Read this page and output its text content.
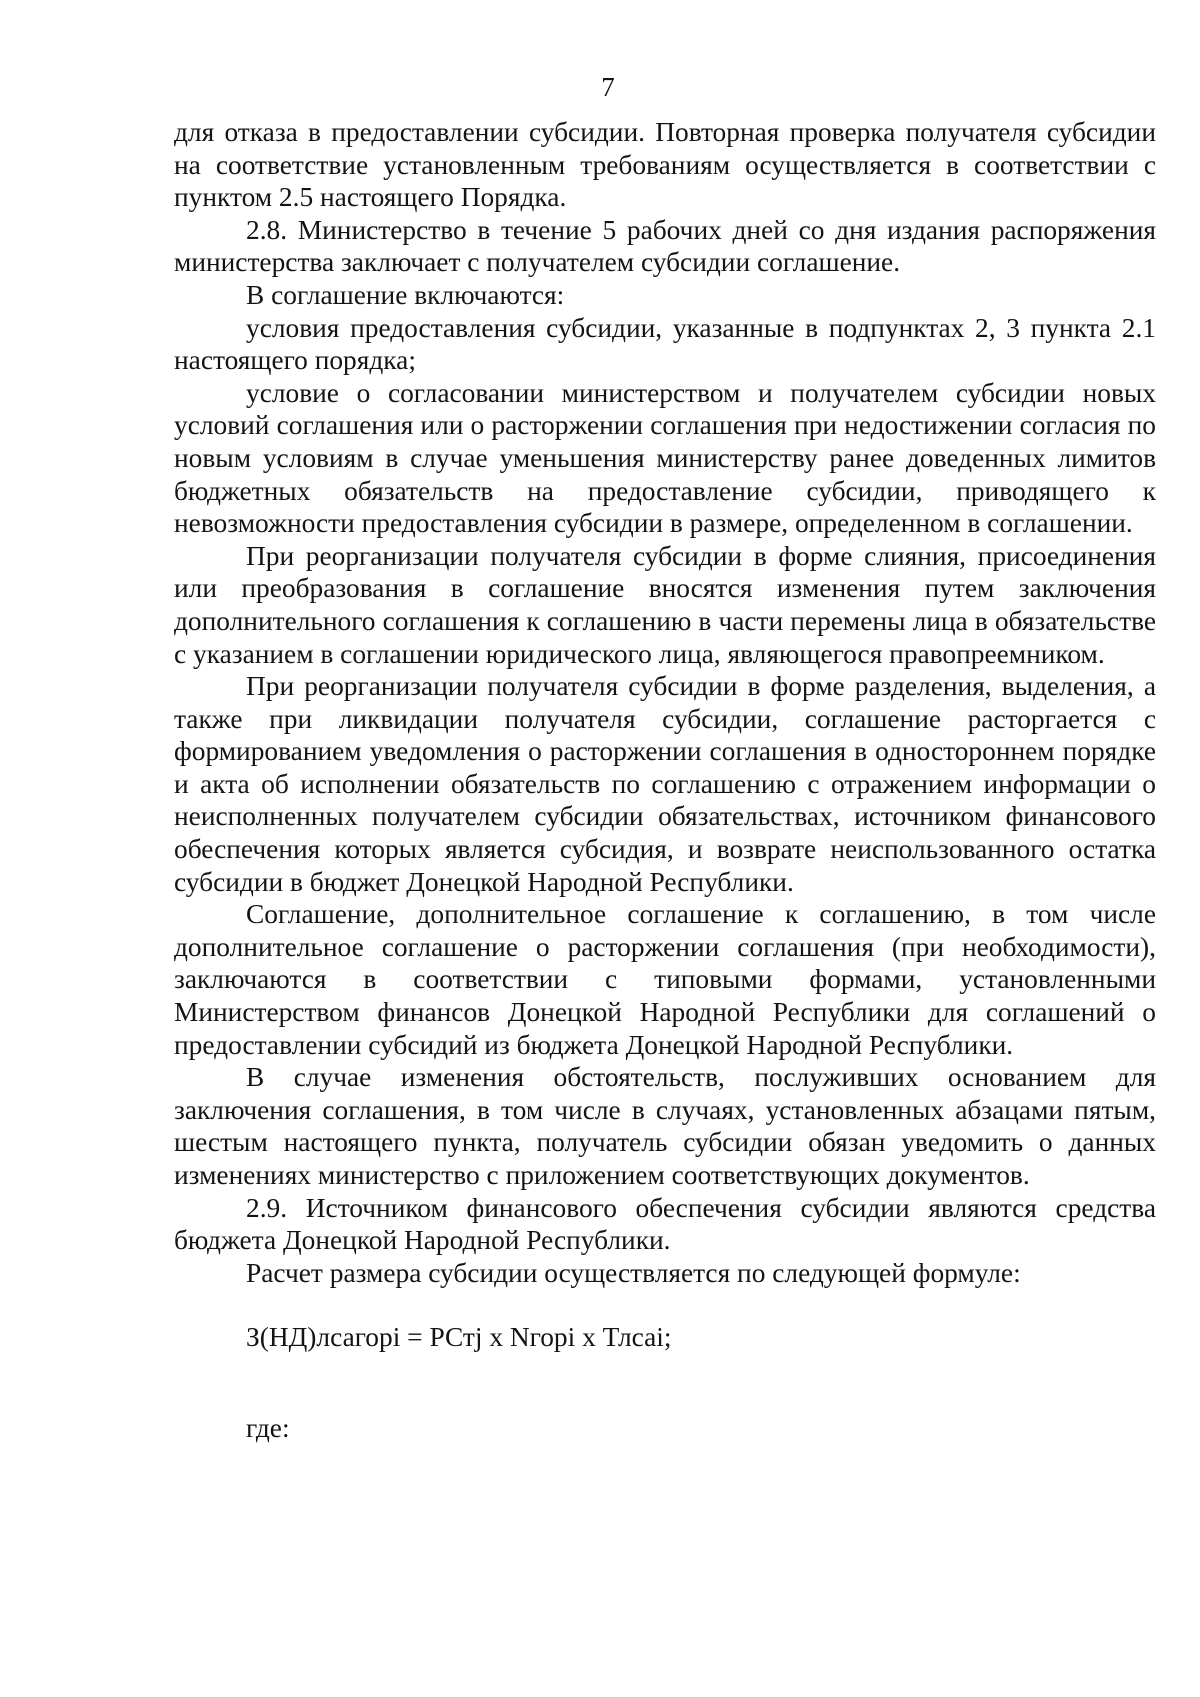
7

для отказа в предоставлении субсидии. Повторная проверка получателя субсидии на соответствие установленным требованиям осуществляется в соответствии с пунктом 2.5 настоящего Порядка.

2.8. Министерство в течение 5 рабочих дней со дня издания распоряжения министерства заключает с получателем субсидии соглашение.

В соглашение включаются:

условия предоставления субсидии, указанные в подпунктах 2, 3 пункта 2.1 настоящего порядка;

условие о согласовании министерством и получателем субсидии новых условий соглашения или о расторжении соглашения при недостижении согласия по новым условиям в случае уменьшения министерству ранее доведенных лимитов бюджетных обязательств на предоставление субсидии, приводящего к невозможности предоставления субсидии в размере, определенном в соглашении.

При реорганизации получателя субсидии в форме слияния, присоединения или преобразования в соглашение вносятся изменения путем заключения дополнительного соглашения к соглашению в части перемены лица в обязательстве с указанием в соглашении юридического лица, являющегося правопреемником.

При реорганизации получателя субсидии в форме разделения, выделения, а также при ликвидации получателя субсидии, соглашение расторгается с формированием уведомления о расторжении соглашения в одностороннем порядке и акта об исполнении обязательств по соглашению с отражением информации о неисполненных получателем субсидии обязательствах, источником финансового обеспечения которых является субсидия, и возврате неиспользованного остатка субсидии в бюджет Донецкой Народной Республики.

Соглашение, дополнительное соглашение к соглашению, в том числе дополнительное соглашение о расторжении соглашения (при необходимости), заключаются в соответствии с типовыми формами, установленными Министерством финансов Донецкой Народной Республики для соглашений о предоставлении субсидий из бюджета Донецкой Народной Республики.

В случае изменения обстоятельств, послуживших основанием для заключения соглашения, в том числе в случаях, установленных абзацами пятым, шестым настоящего пункта, получатель субсидии обязан уведомить о данных изменениях министерство с приложением соответствующих документов.

2.9. Источником финансового обеспечения субсидии являются средства бюджета Донецкой Народной Республики.

Расчет размера субсидии осуществляется по следующей формуле:

З(НД)лсагорi = РСтj х Nгорi х Тлсаi;

где:
